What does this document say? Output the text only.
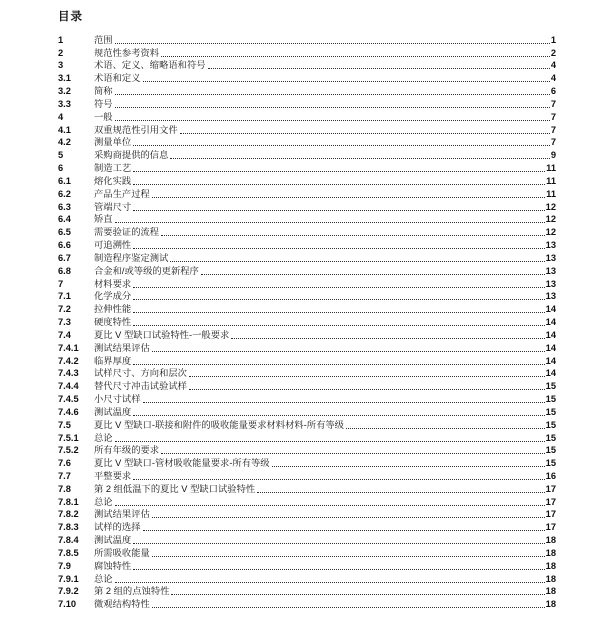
目录
1	范围	1
2	规范性参考资料	2
3	术语、定义、缩略语和符号	4
3.1	术语和定义	4
3.2	简称	6
3.3	符号	7
4	一般	7
4.1	双重规范性引用文件	7
4.2	测量单位	7
5	采购商提供的信息	9
6	制造工艺	11
6.1	熔化实践	11
6.2	产品生产过程	11
6.3	管端尺寸	12
6.4	矫直	12
6.5	需要验证的流程	12
6.6	可追溯性	13
6.7	制造程序鉴定测试	13
6.8	合金和/或等级的更新程序	13
7	材料要求	13
7.1	化学成分	13
7.2	拉伸性能	14
7.3	硬度特性	14
7.4	夏比 V 型缺口试验特性-一般要求	14
7.4.1	测试结果评估	14
7.4.2	临界厚度	14
7.4.3	试样尺寸、方向和层次	14
7.4.4	替代尺寸冲击试验试样	15
7.4.5	小尺寸试样	15
7.4.6	测试温度	15
7.5	夏比 V 型缺口-联接和附件的吸收能量要求材料材料-所有等级	15
7.5.1	总论	15
7.5.2	所有年级的要求	15
7.6	夏比 V 型缺口-管材吸收能量要求-所有等级	15
7.7	平整要求	16
7.8	第 2 组低温下的夏比 V 型缺口试验特性	17
7.8.1	总论	17
7.8.2	测试结果评估	17
7.8.3	试样的选择	17
7.8.4	测试温度	18
7.8.5	所需吸收能量	18
7.9	腐蚀特性	18
7.9.1	总论	18
7.9.2	第 2 组的点蚀特性	18
7.10	微观结构特性	18
